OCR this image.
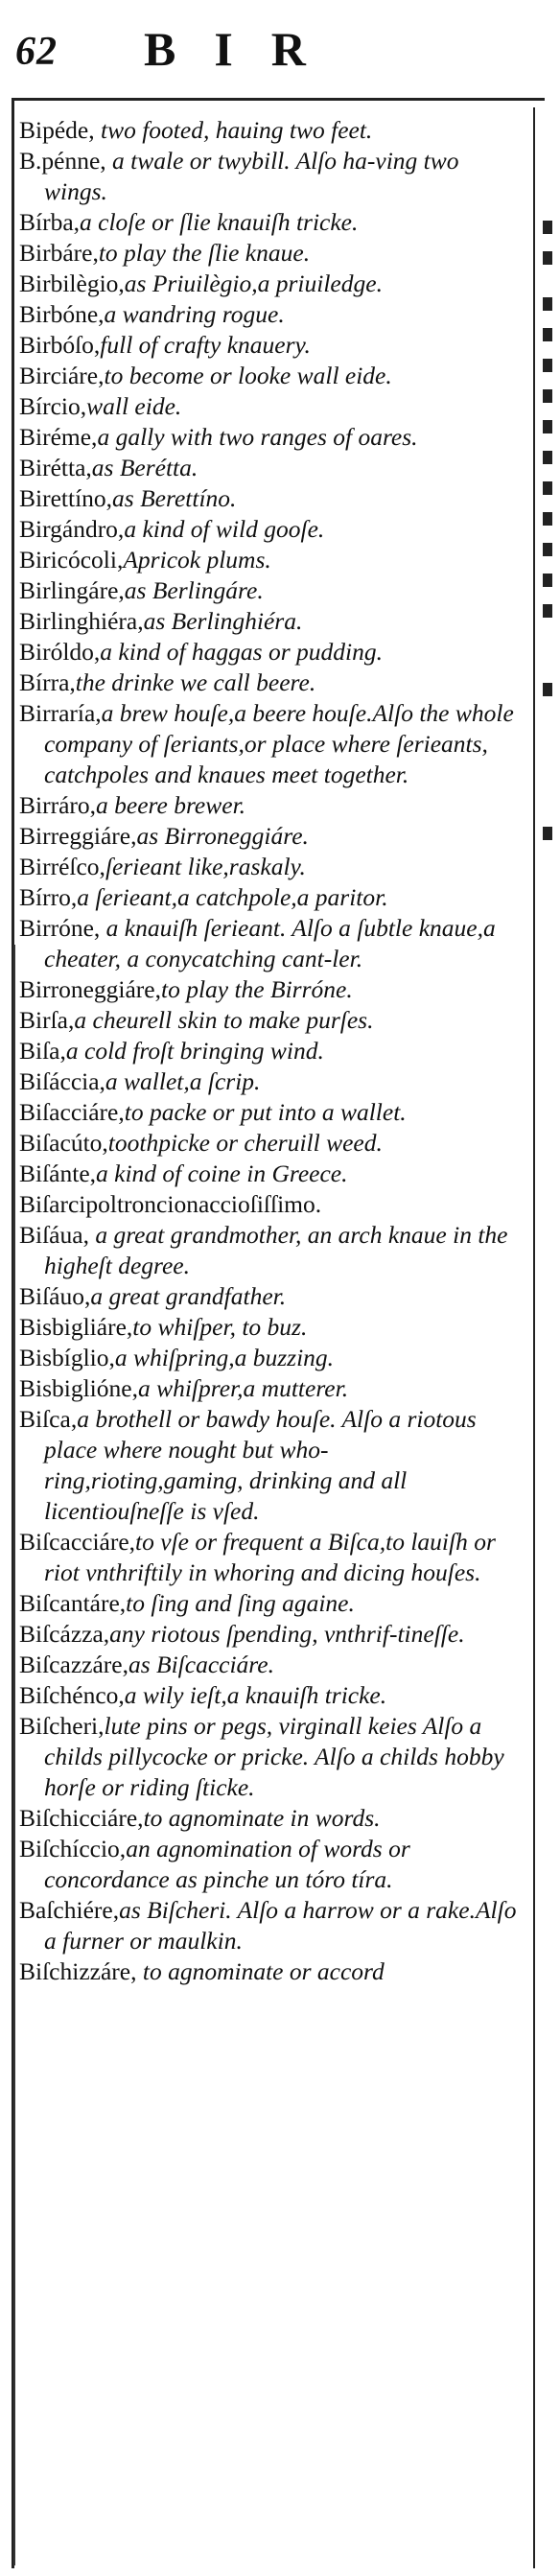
62 BIR

Bipéde, two footed, hauing two feet.

B.pénne, a twale or twybill. Alſo ha-ving two wings.

Bírba,a cloſe or ſlie knauiſh tricke.

Birbáre,to play the ſlie knaue.

Birbilègio,as Priuilègio,a priuiledge.

Birbóne,a wandring rogue.

Birbóſo,full of crafty knauery.

Birciáre,to become or looke wall eide.

Bírcio,wall eide.

Biréme,a gally with two ranges of oares.

Birétta,as Berétta.

Birettíno,as Berettíno.

Birgándro,a kind of wild gooſe.

Biricócoli,Apricok plums.

Birlingáre,as Berlingáre.

Birlinghiéra,as Berlinghiéra.

Biróldo,a kind of haggas or pudding.

Bírra,the drinke we call beere.

Birraría,a brew houſe,a beere houſe.Alſo the whole company of ſeriants,or place where ſerieants, catchpoles and knaues meet together.

Birráro,a beere brewer.

Birreggiáre,as Birroneggiáre.

Birréſco,ſerieant like,raskaly.

Bírro,a ſerieant,a catchpole,a paritor.

Birróne, a knauiſh ſerieant. Alſo a ſubtle knaue,a cheater, a conycatching cant-ler.

Birroneggiáre,to play the Birróne.

Birſa,a cheurell skin to make purſes.

Biſa,a cold froſt bringing wind.

Biſáccia,a wallet,a ſcrip.

Biſacciáre,to packe or put into a wallet.

Biſacúto,toothpicke or cheruill weed.

Biſánte,a kind of coine in Greece.

Biſarcipoltroncionaccioſiſſimo.

Biſáua, a great grandmother, an arch knaue in the higheſt degree.

Biſáuo,a great grandfather.

Bisbigliáre,to whiſper, to buz.

Bisbíglio,a whiſpring,a buzzing.

Bisbiglióne,a whiſprer,a mutterer.

Biſca,a brothell or bawdy houſe. Alſo a riotous place where nought but who-ring,rioting,gaming, drinking and all licentiouſneſſe is vſed.

Biſcacciáre,to vſe or frequent a Biſca,to lauiſh or riot vnthriftily in whoring and dicing houſes.

Biſcantáre,to ſing and ſing againe.

Biſcázza,any riotous ſpending, vnthrif-tineſſe.

Biſcazzáre,as Biſcacciáre.

Biſchénco,a wily ieſt,a knauiſh tricke.

Biſcheri,lute pins or pegs, virginall keies Alſo a childs pillycocke or pricke. Alſo a childs hobby horſe or riding ſticke.

Biſchicciáre,to agnominate in words.

Biſchíccio,an agnomination of words or concordance as pinche un tóro tíra.

Baſchiére,as Biſcheri. Alſo a harrow or a rake.Alſo a furner or maulkin.

Biſchizzáre, to agnominate or accord
